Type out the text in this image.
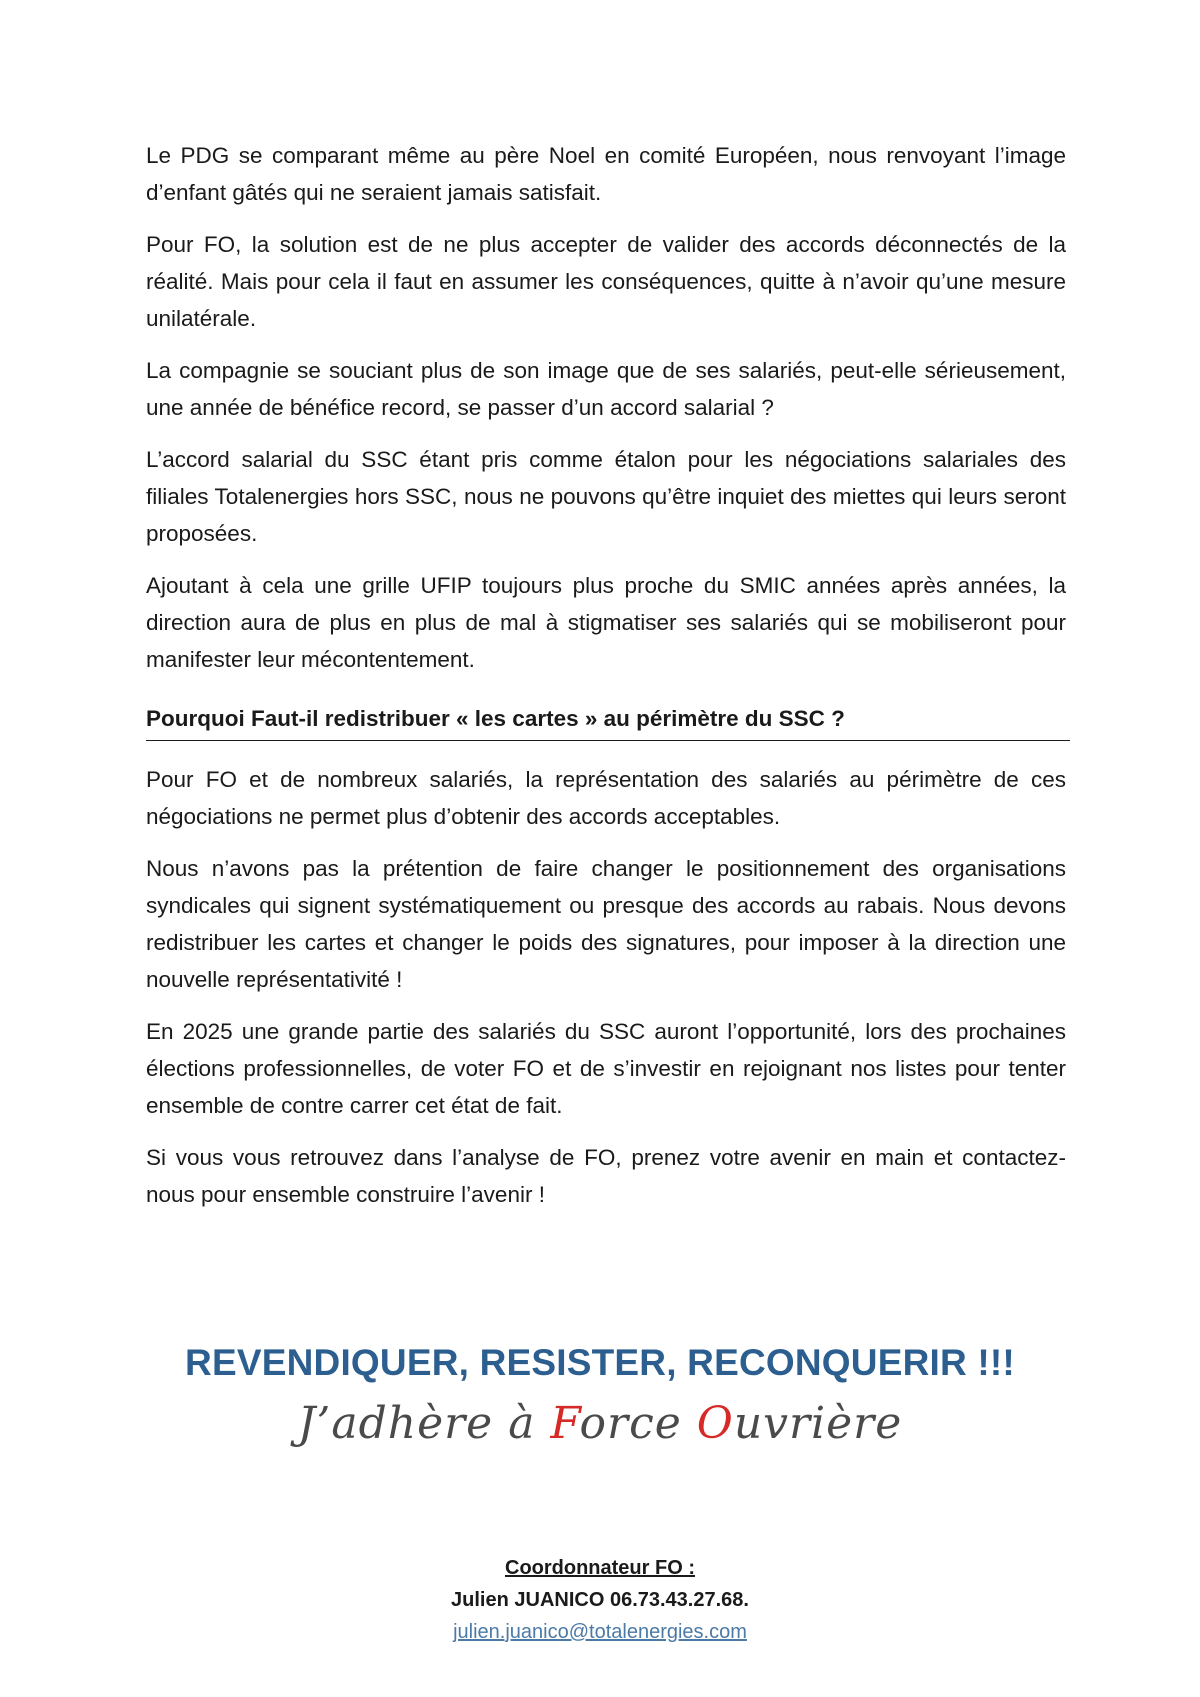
Le PDG se comparant même au père Noel en comité Européen, nous renvoyant l’image d’enfant gâtés qui ne seraient jamais satisfait.

Pour FO, la solution est de ne plus accepter de valider des accords déconnectés de la réalité. Mais pour cela il faut en assumer les conséquences, quitte à n’avoir qu’une mesure unilatérale.

La compagnie se souciant plus de son image que de ses salariés, peut-elle sérieusement, une année de bénéfice record, se passer d’un accord salarial ?

L’accord salarial du SSC étant pris comme étalon pour les négociations salariales des filiales Totalenergies hors SSC, nous ne pouvons qu’être inquiet des miettes qui leurs seront proposées.

Ajoutant à cela une grille UFIP toujours plus proche du SMIC années après années, la direction aura de plus en plus de mal à stigmatiser ses salariés qui se mobiliseront pour manifester leur mécontentement.

Pourquoi Faut-il redistribuer « les cartes » au périmètre du SSC ?

Pour FO et de nombreux salariés, la représentation des salariés au périmètre de ces négociations ne permet plus d’obtenir des accords acceptables.

Nous n’avons pas la prétention de faire changer le positionnement des organisations syndicales qui signent systématiquement ou presque des accords au rabais. Nous devons redistribuer les cartes et changer le poids des signatures, pour imposer à la direction une nouvelle représentativité !

En 2025 une grande partie des salariés du SSC auront l’opportunité, lors des prochaines élections professionnelles, de voter FO et de s’investir en rejoignant nos listes pour tenter ensemble de contre carrer cet état de fait.

Si vous vous retrouvez dans l’analyse de FO, prenez votre avenir en main et contactez-nous pour ensemble construire l’avenir !

REVENDIQUER, RESISTER, RECONQUERIR !!!
J’adhère à Force Ouvrière
Coordonnateur FO :
Julien JUANICO 06.73.43.27.68.
julien.juanico@totalenergies.com
